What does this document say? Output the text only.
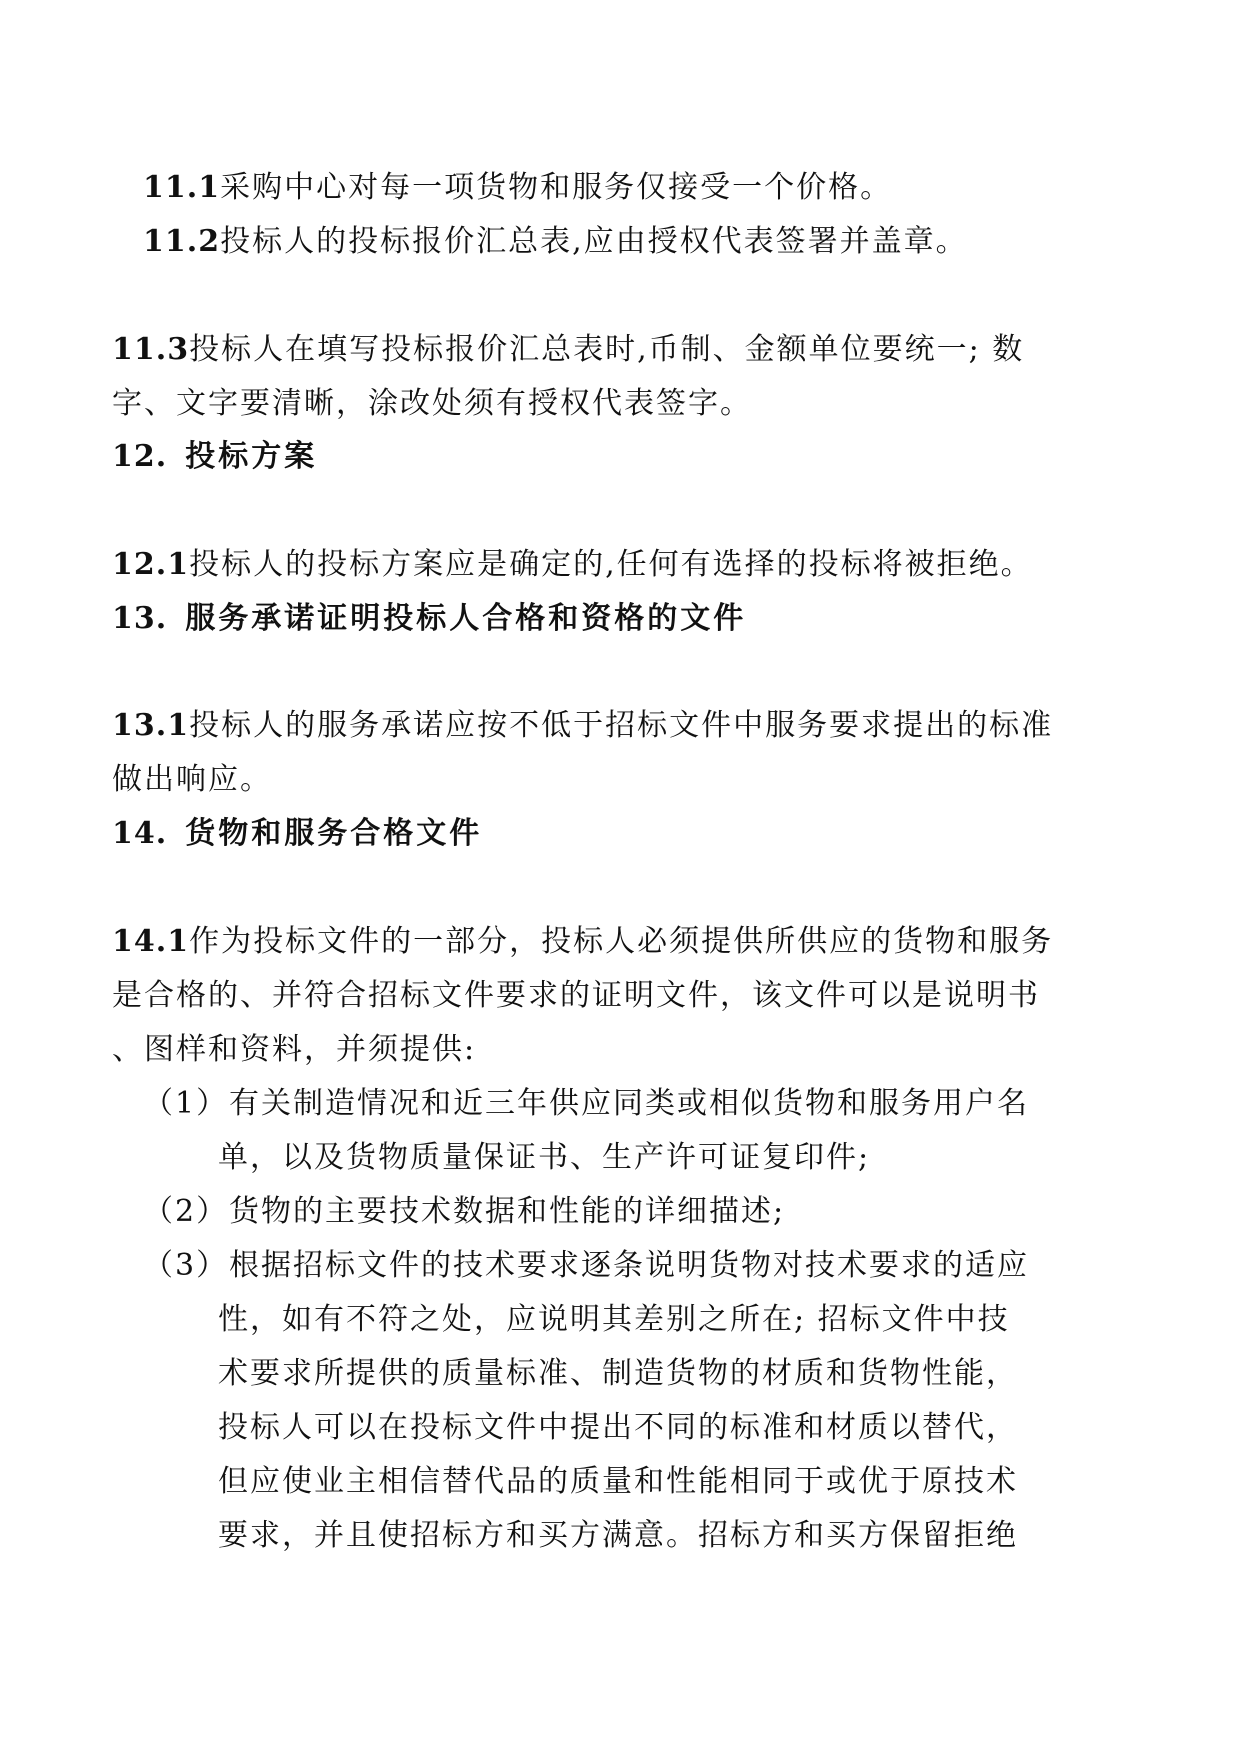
11.1采购中心对每一项货物和服务仅接受一个价格。
11.2投标人的投标报价汇总表,应由授权代表签署并盖章。
11.3投标人在填写投标报价汇总表时,币制、金额单位要统一; 数
字、文字要清晰，涂改处须有授权代表签字。
12. 投标方案
12.1投标人的投标方案应是确定的,任何有选择的投标将被拒绝。
13. 服务承诺证明投标人合格和资格的文件
13.1投标人的服务承诺应按不低于招标文件中服务要求提出的标准
做出响应。
14. 货物和服务合格文件
14.1作为投标文件的一部分，投标人必须提供所供应的货物和服务
是合格的、并符合招标文件要求的证明文件，该文件可以是说明书
、图样和资料，并须提供:
（1）有关制造情况和近三年供应同类或相似货物和服务用户名
单，以及货物质量保证书、生产许可证复印件;
（2）货物的主要技术数据和性能的详细描述;
（3）根据招标文件的技术要求逐条说明货物对技术要求的适应
性，如有不符之处，应说明其差别之所在; 招标文件中技
术要求所提供的质量标准、制造货物的材质和货物性能，
投标人可以在投标文件中提出不同的标准和材质以替代，
但应使业主相信替代品的质量和性能相同于或优于原技术
要求，并且使招标方和买方满意。招标方和买方保留拒绝
